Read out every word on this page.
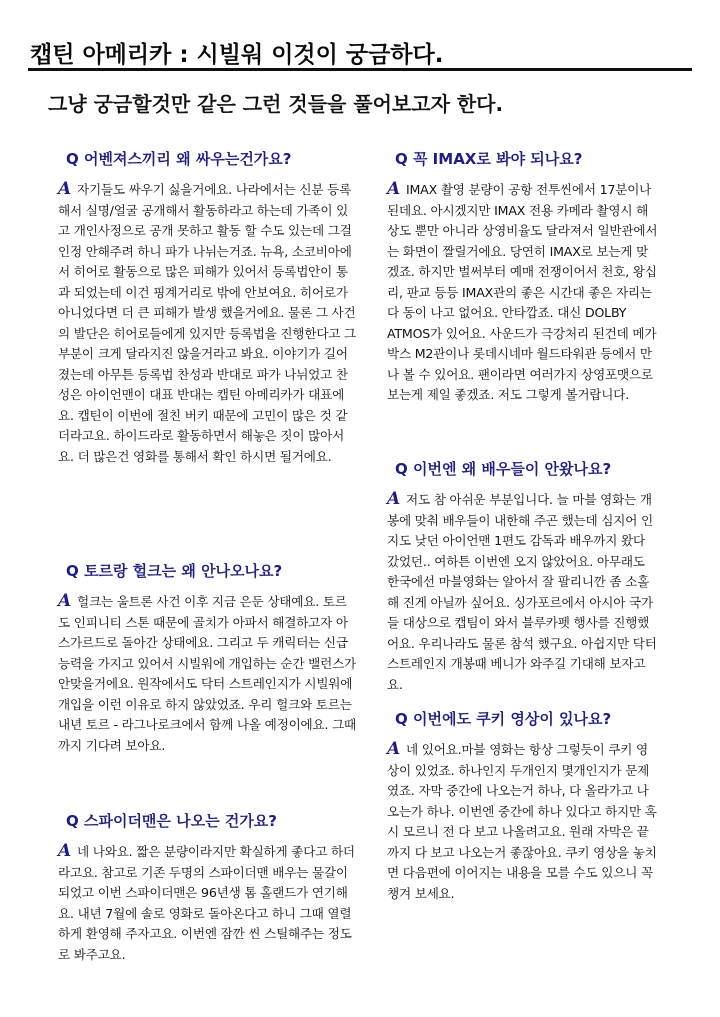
캡틴 아메리카 : 시빌워 이것이 궁금하다.
그냥 궁금할것만 같은 그런 것들을 풀어보고자 한다.
Q 어벤져스끼리 왜 싸우는건가요?

A 자기들도 싸우기 싫을거에요. 나라에서는 신분 등록해서 실명/얼굴 공개해서 활동하라고 하는데 가족이 있고 개인사정으로 공개 못하고 활동 할 수도 있는데 그걸 인정 안해주려 하니 파가 나뉘는거죠. 뉴욕, 소코비아에서 히어로 활동으로 많은 피해가 있어서 등록법안이 통과 되었는데 이건 핑계거리로 밖에 안보여요. 히어로가 아니었다면 더 큰 피해가 발생 했을거에요. 물론 그 사건의 발단은 히어로들에게 있지만 등록법을 진행한다고 그부분이 크게 달라지진 않을거라고 봐요. 이야기가 길어졌는데 아무튼 등록법 찬성과 반대로 파가 나뉘었고 찬성은 아이언맨이 대표 반대는 캡틴 아메리카가 대표에요. 캡틴이 이번에 절친 버키 때문에 고민이 많은 것 같더라고요. 하이드라로 활동하면서 해놓은 짓이 많아서요. 더 많은건 영화를 통해서 확인 하시면 될거에요.

Q 토르랑 헐크는 왜 안나오나요?

A 헐크는 울트론 사건 이후 지금 은둔 상태예요. 토르도 인피니티 스톤 때문에 골치가 아파서 해결하고자 아스가르드로 돌아간 상태에요. 그리고 두 캐릭터는 신급 능력을 가지고 있어서 시빌워에 개입하는 순간 밸런스가 안맞을거에요. 원작에서도 닥터 스트레인지가 시빌워에 개입을 이런 이유로 하지 않았었죠. 우리 헐크와 토르는 내년 토르 - 라그나로크에서 함께 나올 예정이에요. 그때까지 기다려 보아요.

Q 스파이더맨은 나오는 건가요?

A 네 나와요. 짧은 분량이라지만 확실하게 좋다고 하더라고요. 참고로 기존 두명의 스파이더맨 배우는 물갈이 되었고 이번 스파이더맨은 96년생 톰 홀랜드가 연기해요. 내년 7월에 솔로 영화로 돌아온다고 하니 그때 열렬하게 환영해 주자고요. 이번엔 잠깐 씬 스틸해주는 정도로 봐주고요.

Q 꼭 IMAX로 봐야 되나요?

A IMAX 촬영 분량이 공항 전투씬에서 17분이나 된데요. 아시겠지만 IMAX 전용 카메라 촬영시 해상도 뿐만 아니라 상영비율도 달라져서 일반관에서는 화면이 짤릴거에요. 당연히 IMAX로 보는게 맞겠죠. 하지만 벌써부터 예매 전쟁이어서 천호, 왕십리, 판교 등등 IMAX관의 좋은 시간대 좋은 자리는 다 동이 나고 없어요. 안타깝죠. 대신 DOLBY ATMOS가 있어요. 사운드가 극강처리 된건데 메가박스 M2관이나 롯데시네마 월드타워관 등에서 만나 볼 수 있어요. 팬이라면 여러가지 상영포맷으로 보는게 제일 좋겠죠. 저도 그렇게 볼거랍니다.

Q 이번엔 왜 배우들이 안왔나요?

A 저도 참 아쉬운 부분입니다. 늘 마블 영화는 개봉에 맞춰 배우들이 내한해 주곤 했는데 심지어 인지도 낮던 아이언맨 1편도 감독과 배우까지 왔다 갔었던.. 여하튼 이번엔 오지 않았어요. 아무래도 한국에선 마블영화는 알아서 잘 팔리니깐 좀 소홀해 진게 아닐까 싶어요. 싱가포르에서 아시아 국가들 대상으로 캡팀이 와서 블루카펫 행사를 진행했어요. 우리나라도 물론 참석 했구요. 아쉽지만 닥터 스트레인지 개봉때 베니가 와주길 기대해 보자고요.

Q 이번에도 쿠키 영상이 있나요?

A 네 있어요.마블 영화는 항상 그렇듯이 쿠키 영상이 있었죠. 하나인지 두개인지 몇개인지가 문제였죠. 자막 중간에 나오는거 하나, 다 올라가고 나오는가 하나. 이번엔 중간에 하나 있다고 하지만 혹시 모르니 전 다 보고 나올려고요. 원래 자막은 끝까지 다 보고 나오는거 좋잖아요. 쿠키 영상을 놓치면 다음편에 이어지는 내용을 모를 수도 있으니 꼭 챙겨 보세요.
